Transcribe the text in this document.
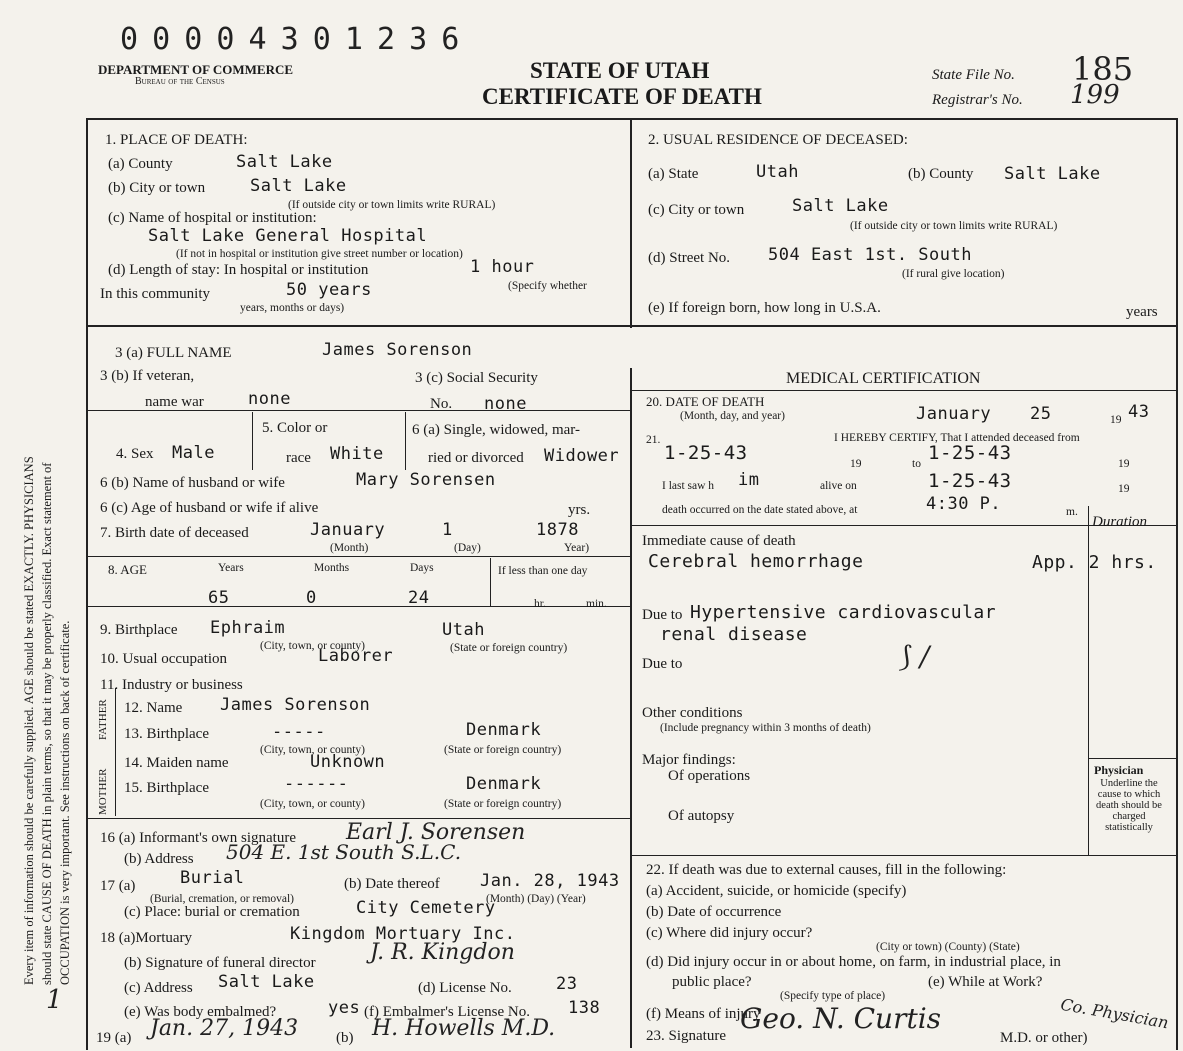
Every item of information should be carefully supplied. AGE should be stated EXACTLY. PHYSICIANS should state CAUSE OF DEATH in plain terms, so that it may be properly classified. Exact statement of OCCUPATION is very important. See instructions on back of certificate.
1
0 0 0 0 4 3 0 1 2 3 6
DEPARTMENT OF COMMERCE
Bureau of the Census	STATE OF UTAH
CERTIFICATE OF DEATH
State File No. 185
Registrar's No. 199
1. PLACE OF DEATH:
(a) County	Salt Lake
(b) City or town	Salt Lake
(If outside city or town limits write RURAL)
(c) Name of hospital or institution:
Salt Lake General Hospital
(If not in hospital or institution give street number or location)
(d) Length of stay: In hospital or institution	1 hour
In this community	50 years	(Specify whether
years, months or days)
2. USUAL RESIDENCE OF DECEASED:
(a) State	Utah	(b) County Salt Lake
(c) City or town	Salt Lake
(If outside city or town limits write RURAL)
(d) Street No. 504 East 1st. South
(If rural give location)
(e) If foreign born, how long in U.S.A.	years
3 (a) FULL NAME	James Sorenson
3 (b) If veteran,
name war	none
3 (c) Social Security
No. none
4. Sex Male
5. Color or
race White
6 (a) Single, widowed, mar-
ried or divorced Widower
6 (b) Name of husband or wife	Mary Sorensen
6 (c) Age of husband or wife if alive	yrs.
7. Birth date of deceased	January	1	1878
(Month)	(Day)	Year)
8. AGE	Years	Months	Days	If less than one day
65	0	24	hr.	min.
9. Birthplace Ephraim	Utah
(City, town, or county)	(State or foreign country)
10. Usual occupation	Laborer
11. Industry or business
FATHER
MOTHER
12. Name James Sorenson
13. Birthplace	-----	Denmark
(City, town, or county)	(State or foreign country)
14. Maiden name	Unknown
15. Birthplace	------	Denmark
(City, town, or county)	(State or foreign country)
16 (a) Informant's own signature Earl J. Sorensen
(b) Address 504 E. 1st South S.L.C.
17 (a)	Burial
(Burial, cremation, or removal)
(b) Date thereof Jan. 28, 1943
(Month) (Day) (Year)
(c) Place: burial or cremation	City Cemetery
18 (a)Mortuary	Kingdom Mortuary Inc.
(b) Signature of funeral director J. R. Kingdon
(c) Address Salt Lake	(d) License No.	23
(e) Was body embalmed?	yes (f) Embalmer's License No. 138
19 (a) Jan. 27, 1943	(b) H. Howells M.D.
MEDICAL CERTIFICATION
20. DATE OF DEATH
(Month, day, and year)	January 25	19 43
21.	I HEREBY CERTIFY, That I attended deceased from
1-25-43	19	to 1-25-43	19
I last saw h im	alive on	1-25-43	19
death occurred on the date stated above, at	4:30 P.	m.
Duration
Immediate cause of death
Cerebral hemorrhage	App. 2 hrs.
Due to Hypertensive cardiovascular
renal disease
Due to
Other conditions
(Include pregnancy within 3 months of death)
Major findings:
Of operations
Of autopsy
⟆ /
Physician
Underline the cause to which death should be charged statistically
22. If death was due to external causes, fill in the following:
(a) Accident, suicide, or homicide (specify)
(b) Date of occurrence
(c) Where did injury occur?
(City or town) (County) (State)
(d) Did injury occur in or about home, on farm, in industrial place, in
public place?
(Specify type of place)
(e) While at Work?
(f) Means of injury
23. Signature
Geo. N. Curtis
M.D. or other)
Co. Physician
